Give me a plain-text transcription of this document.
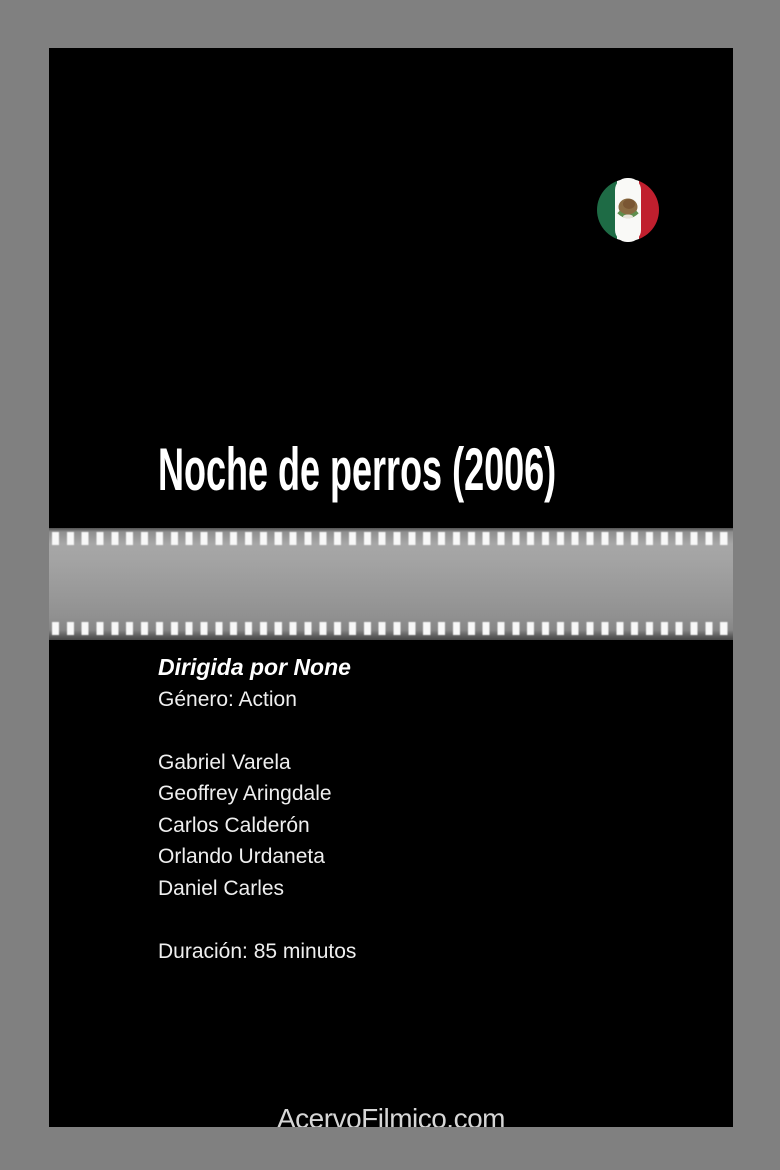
Noche de perros (2006)
Dirigida por None
Género: Action
Gabriel Varela
Geoffrey Aringdale
Carlos Calderón
Orlando Urdaneta
Daniel Carles
Duración: 85 minutos
AcervoFilmico.com
